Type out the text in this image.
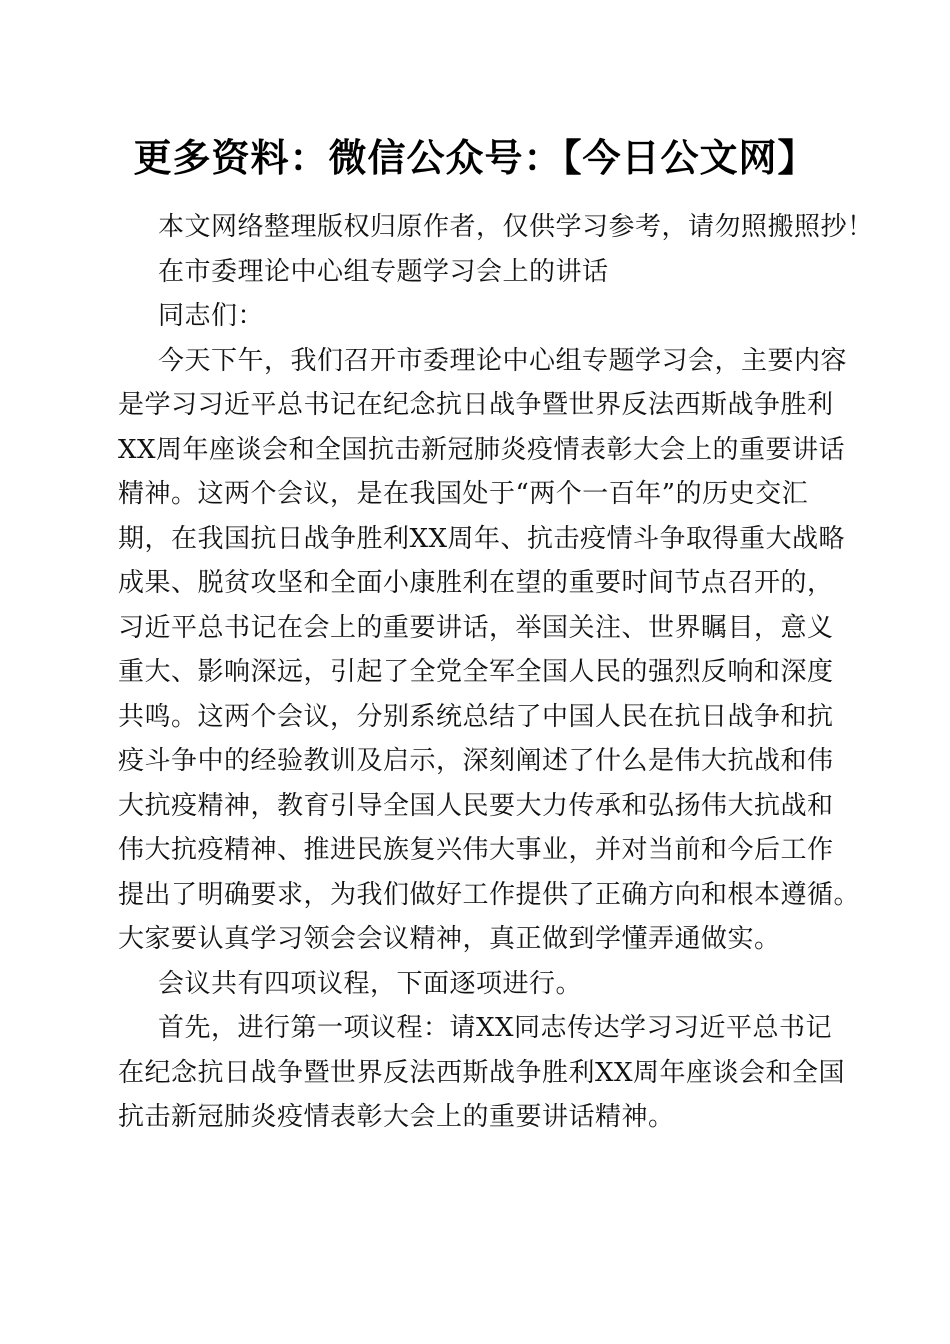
更多资料：微信公众号：【今日公文网】
本文网络整理版权归原作者，仅供学习参考，请勿照搬照抄！
在市委理论中心组专题学习会上的讲话
同志们：
今天下午，我们召开市委理论中心组专题学习会，主要内容
是学习习近平总书记在纪念抗日战争暨世界反法西斯战争胜利
XX周年座谈会和全国抗击新冠肺炎疫情表彰大会上的重要讲话
精神。这两个会议，是在我国处于“两个一百年”的历史交汇
期，在我国抗日战争胜利XX周年、抗击疫情斗争取得重大战略
成果、脱贫攻坚和全面小康胜利在望的重要时间节点召开的，
习近平总书记在会上的重要讲话，举国关注、世界瞩目，意义
重大、影响深远，引起了全党全军全国人民的强烈反响和深度
共鸣。这两个会议，分别系统总结了中国人民在抗日战争和抗
疫斗争中的经验教训及启示，深刻阐述了什么是伟大抗战和伟
大抗疫精神，教育引导全国人民要大力传承和弘扬伟大抗战和
伟大抗疫精神、推进民族复兴伟大事业，并对当前和今后工作
提出了明确要求，为我们做好工作提供了正确方向和根本遵循。
大家要认真学习领会会议精神，真正做到学懂弄通做实。
会议共有四项议程，下面逐项进行。
首先，进行第一项议程：请XX同志传达学习习近平总书记
在纪念抗日战争暨世界反法西斯战争胜利XX周年座谈会和全国
抗击新冠肺炎疫情表彰大会上的重要讲话精神。
